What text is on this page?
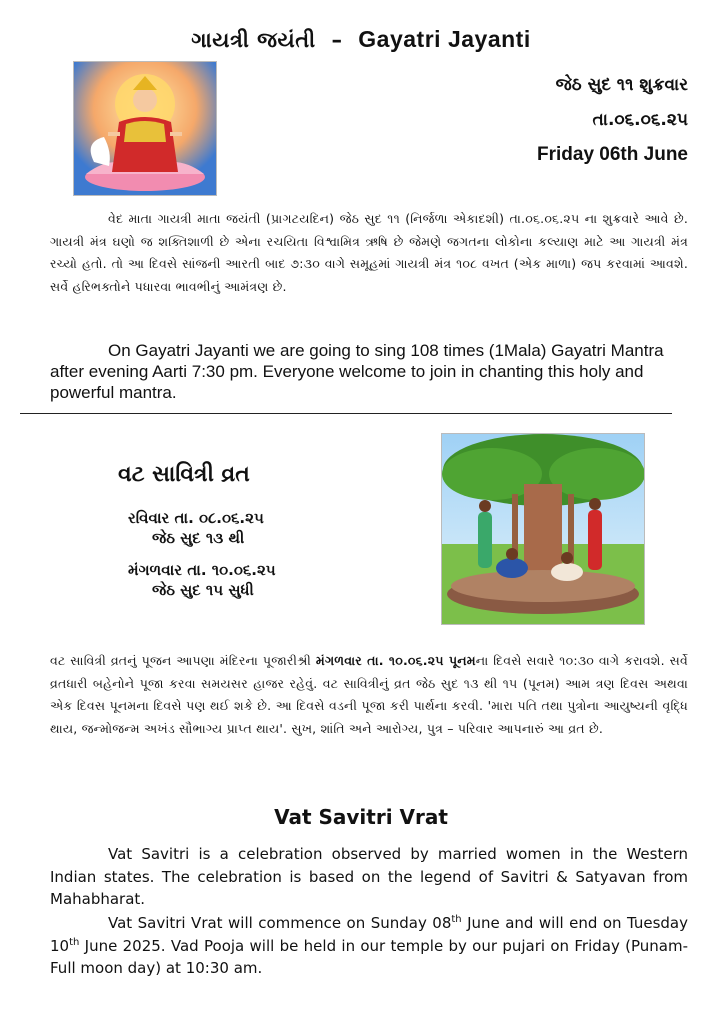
ગાયત્રી જયંતી – Gayatri Jayanti
જેઠ સુદ ૧૧ શુક્રવાર
તા.૦૬.૦૬.૨૫
Friday 06th June
વેદ માતા ગાયત્રી માતા જયંતી (પ્રાગટયદિન) જેઠ સુદ ૧૧ (નિર્જળા એકાદશી) તા.૦૬.૦૬.૨૫ ના શુક્રવારે આવે છે. ગાયત્રી મંત્ર ઘણો જ શક્તિશાળી છે એના રચયિતા વિશ્વામિત્ર ઋષિ છે જેમણે જગતના લોકોના કલ્યાણ માટે આ ગાયત્રી મંત્ર રચ્યો હતો. તો આ દિવસે સાંજની આરતી બાદ ૭:૩૦ વાગે સમૂહમાં ગાયત્રી મંત્ર ૧૦૮ વખત (એક માળા) જપ કરવામાં આવશે. સર્વે હરિભક્તોને પધારવા ભાવભીનું આમંત્રણ છે.
On Gayatri Jayanti we are going to sing 108 times (1Mala) Gayatri Mantra after evening Aarti 7:30 pm. Everyone welcome to join in chanting this holy and powerful mantra.
વટ સાવિત્રી વ્રત
રવિવાર તા. ૦૮.૦૬.૨૫
જેઠ સુદ ૧૩ થી
મંગળવાર તા. ૧૦.૦૬.૨૫
જેઠ સુદ ૧૫ સુધી
વટ સાવિત્રી વ્રતનું પૂજન આપણા મંદિરના પૂજારીશ્રી મંગળવાર તા. ૧૦.૦૬.૨૫ પૂનમના દિવસે સવારે ૧૦:૩૦ વાગે કરાવશે. સર્વે વ્રતધારી બહેનોને પૂજા કરવા સમયસર હાજર રહેવું. વટ સાવિત્રીનું વ્રત જેઠ સુદ ૧૩ થી ૧૫ (પૂનમ) આમ ત્રણ દિવસ અથવા એક દિવસ પૂનમના દિવસે પણ થઈ શકે છે. આ દિવસે વડની પૂજા કરી પાર્થના કરવી. 'મારા પતિ તથા પુત્રોના આયુષ્યની વૃદ્ધિ થાય, જન્મોજન્મ અખંડ સૌભાગ્ય પ્રાપ્ત થાય'. સુખ, શાંતિ અને આરોગ્ય, પુત્ર – પરિવાર આપનારું આ વ્રત છે.
Vat Savitri Vrat
Vat Savitri is a celebration observed by married women in the Western Indian states. The celebration is based on the legend of Savitri & Satyavan from Mahabharat.
Vat Savitri Vrat will commence on Sunday 08th June and will end on Tuesday 10th June 2025. Vad Pooja will be held in our temple by our pujari on Friday (Punam-Full moon day) at 10:30 am.
